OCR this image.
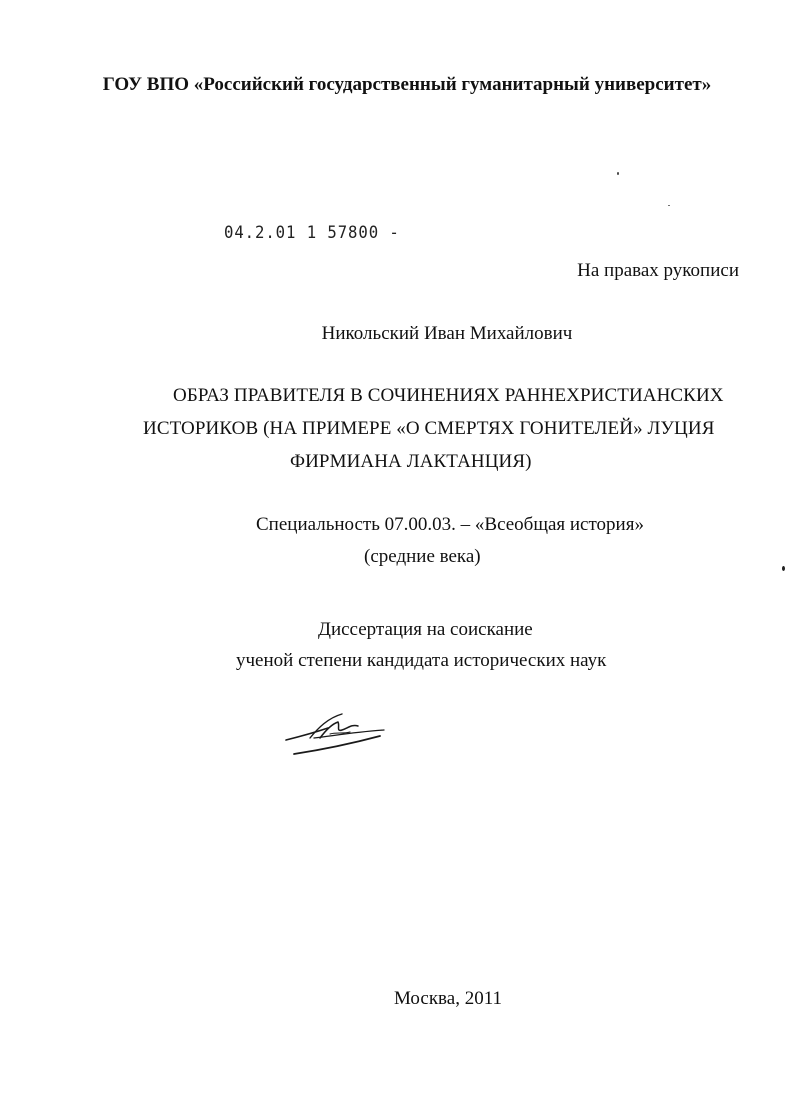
ГОУ ВПО «Российский государственный гуманитарный университет»
04.2.01 1 57800 -
На правах рукописи
Никольский Иван Михайлович
ОБРАЗ ПРАВИТЕЛЯ В СОЧИНЕНИЯХ РАННЕХРИСТИАНСКИХ
ИСТОРИКОВ (НА ПРИМЕРЕ «О СМЕРТЯХ ГОНИТЕЛЕЙ» ЛУЦИЯ
ФИРМИАНА ЛАКТАНЦИЯ)
Специальность 07.00.03. – «Всеобщая история»
(средние века)
Диссертация на соискание
ученой степени кандидата исторических наук
Москва, 2011
